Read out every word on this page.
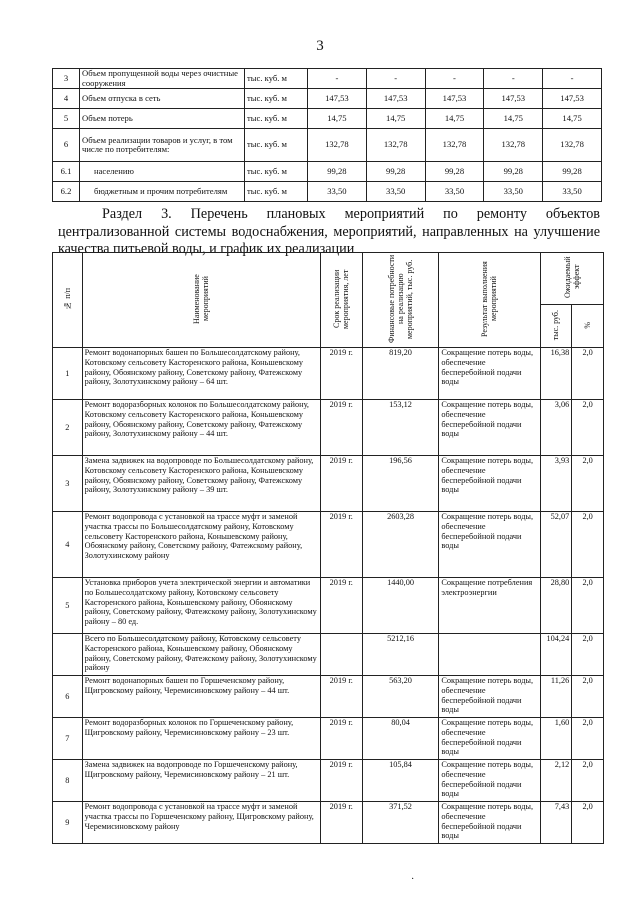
3
3	Объем пропущенной воды через очистные сооружения	тыс. куб. м	-	-	-	-	-
4	Объем отпуска в сеть	тыс. куб. м	147,53	147,53	147,53	147,53	147,53
5	Объем потерь	тыс. куб. м	14,75	14,75	14,75	14,75	14,75
6	Объем реализации товаров и услуг, в том числе по потребителям:	тыс. куб. м	132,78	132,78	132,78	132,78	132,78
6.1	населению	тыс. куб. м	99,28	99,28	99,28	99,28	99,28
6.2	бюджетным и прочим потребителям	тыс. куб. м	33,50	33,50	33,50	33,50	33,50

Раздел 3. Перечень плановых мероприятий по ремонту объектов централизованной системы водоснабжения, мероприятий, направленных на улучшение качества питьевой воды, и график их реализации

№ п/п	Наименование мероприятий	Срок реализации мероприятия, лет	Финансовые потребности на реализацию мероприятий, тыс. руб.	Результат выполнения мероприятий	Ожидаемый эффект	
					тыс. руб.	%
1	Ремонт водонапорных башен по Большесолдатскому району, Котовскому сельсовету Касторенского района, Коньшевскому району, Обоянскому району, Советскому району, Фатежскому району, Золотухинскому району – 64 шт.	2019 г.	819,20	Сокращение потерь воды, обеспечение бесперебойной подачи воды	16,38	2,0
2	Ремонт водоразборных колонок по Большесолдатскому району, Котовскому сельсовету Касторенского района, Коньшевскому району, Обоянскому району, Советскому району, Фатежскому району, Золотухинскому району – 44 шт.	2019 г.	153,12	Сокращение потерь воды, обеспечение бесперебойной подачи воды	3,06	2,0
3	Замена задвижек на водопроводе по Большесолдатскому району, Котовскому сельсовету Касторенского района, Коньшевскому району, Обоянскому району, Советскому району, Фатежскому району, Золотухинскому району – 39 шт.	2019 г.	196,56	Сокращение потерь воды, обеспечение бесперебойной подачи воды	3,93	2,0
4	Ремонт водопровода с установкой на трассе муфт и заменой участка трассы по Большесолдатскому району, Котовскому сельсовету Касторенского района, Коньшевскому району, Обоянскому району, Советскому району, Фатежскому району, Золотухинскому району	2019 г.	2603,28	Сокращение потерь воды, обеспечение бесперебойной подачи воды	52,07	2,0
5	Установка приборов учета электрической энергии и автоматики по Большесолдатскому району, Котовскому сельсовету Касторенского района, Коньшевскому району, Обоянскому району, Советскому району, Фатежскому району, Золотухинскому району – 80 ед.	2019 г.	1440,00	Сокращение потребления электроэнергии	28,80	2,0
	Всего по Большесолдатскому району, Котовскому сельсовету Касторенского района, Коньшевскому району, Обоянскому району, Советскому району, Фатежскому району, Золотухинскому району		5212,16		104,24	2,0
6	Ремонт водонапорных башен по Горшеченскому району, Щигровскому району, Черемисиновскому району – 44 шт.	2019 г.	563,20	Сокращение потерь воды, обеспечение бесперебойной подачи воды	11,26	2,0
7	Ремонт водоразборных колонок по Горшеченскому району, Щигровскому району, Черемисиновскому району – 23 шт.	2019 г.	80,04	Сокращение потерь воды, обеспечение бесперебойной подачи воды	1,60	2,0
8	Замена задвижек на водопроводе по Горшеченскому району, Щигровскому району, Черемисиновскому району – 21 шт.	2019 г.	105,84	Сокращение потерь воды, обеспечение бесперебойной подачи воды	2,12	2,0
9	Ремонт водопровода с установкой на трассе муфт и заменой участка трассы по Горшеченскому району, Щигровскому району, Черемисиновскому району	2019 г.	371,52	Сокращение потерь воды, обеспечение бесперебойной подачи воды	7,43	2,0
·
